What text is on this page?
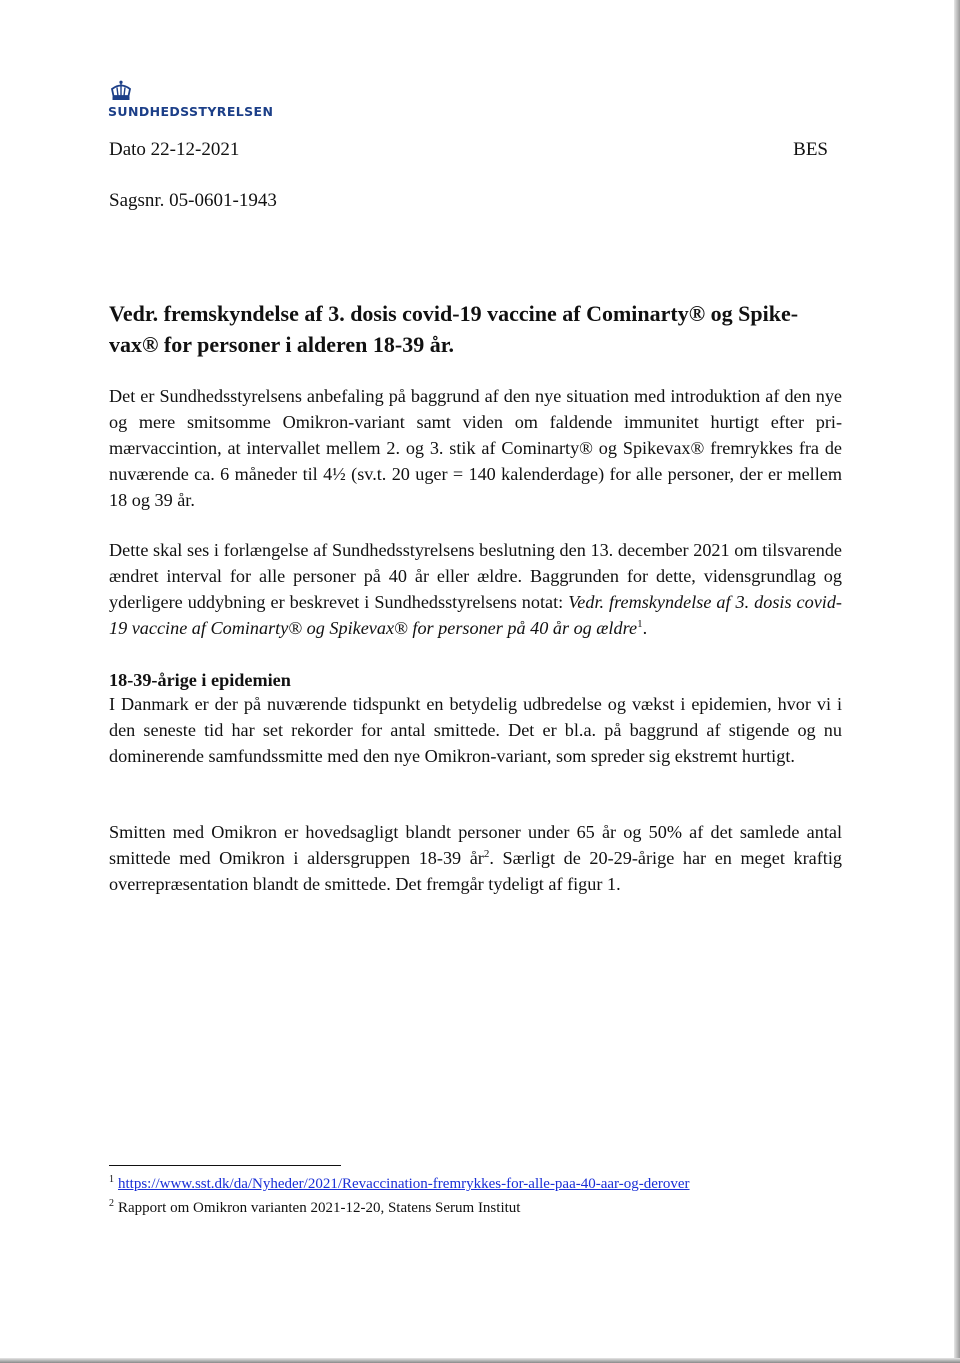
SUNDHEDSSTYRELSEN
Dato 22-12-2021	BES
Sagsnr. 05-0601-1943
Vedr. fremskyndelse af 3. dosis covid-19 vaccine af Cominarty® og Spikevax® for personer i alderen 18-39 år.

Det er Sundhedsstyrelsens anbefaling på baggrund af den nye situation med introduktion af den nye og mere smitsomme Omikron-variant samt viden om faldende immunitet hurtigt efter primærvaccintion, at intervallet mellem 2. og 3. stik af Cominarty® og Spikevax® fremrykkes fra de nuværende ca. 6 måneder til 4½ (sv.t. 20 uger = 140 kalenderdage) for alle personer, der er mellem 18 og 39 år.

Dette skal ses i forlængelse af Sundhedsstyrelsens beslutning den 13. december 2021 om tilsvarende ændret interval for alle personer på 40 år eller ældre. Baggrunden for dette, vidensgrundlag og yderligere uddybning er beskrevet i Sundhedsstyrelsens notat: Vedr. fremskyndelse af 3. dosis covid-19 vaccine af Cominarty® og Spikevax® for personer på 40 år og ældre$^1$.

18-39-årige i epidemien

I Danmark er der på nuværende tidspunkt en betydelig udbredelse og vækst i epidemien, hvor vi i den seneste tid har set rekorder for antal smittede. Det er bl.a. på baggrund af stigende og nu dominerende samfundssmitte med den nye Omikron-variant, som spreder sig ekstremt hurtigt.

Smitten med Omikron er hovedsagligt blandt personer under 65 år og 50% af det samlede antal smittede med Omikron i aldersgruppen 18-39 $år^2$. Særligt de 20-29-årige har en meget kraftig overrepræsentation blandt de smittede. Det fremgår tydeligt af figur 1.

$^1$ https://www.sst.dk/da/Nyheder/2021/Revaccination-fremrykkes-for-alle-paa-40-aar-og-derover
$^2$ Rapport om Omikron varianten 2021-12-20, Statens Serum Institut
